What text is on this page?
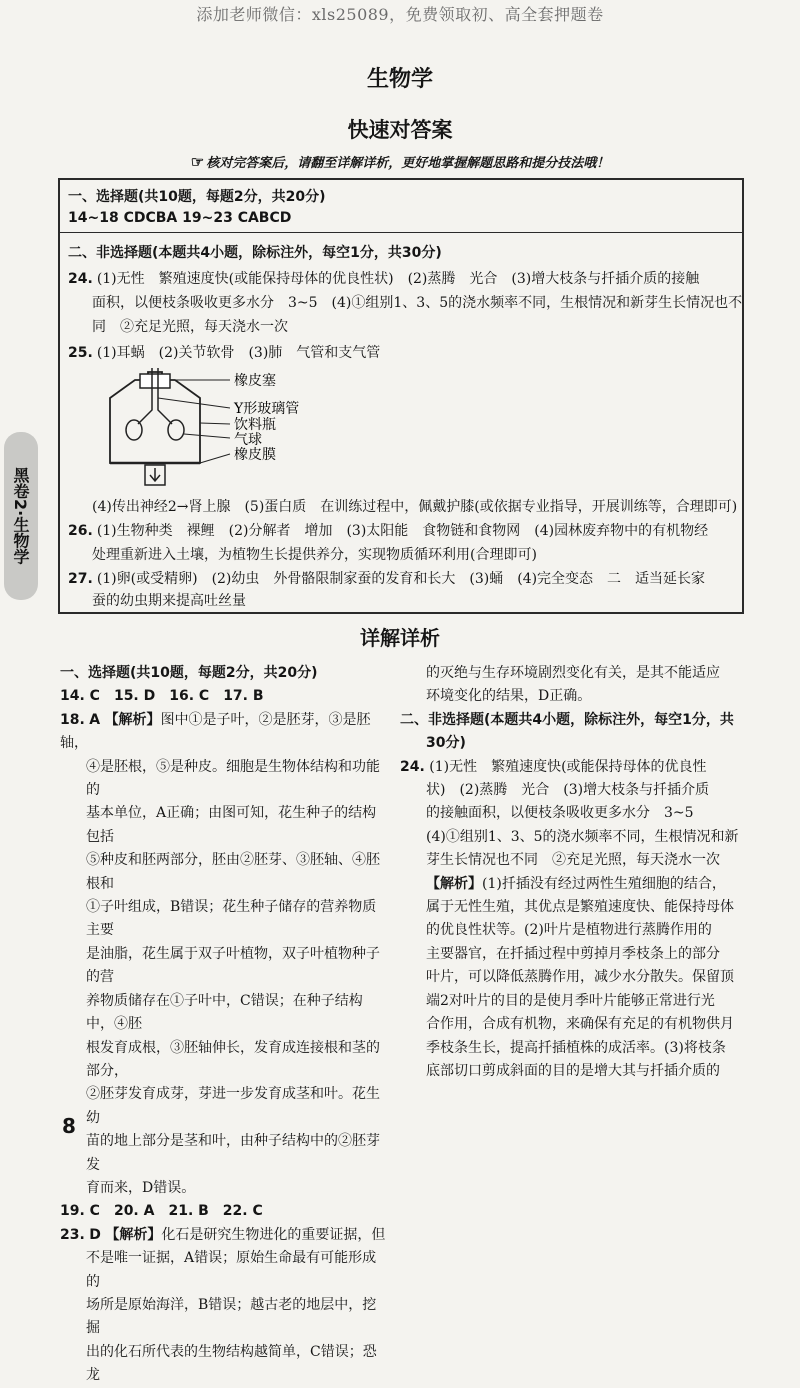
添加老师微信：xls25089，免费领取初、高全套押题卷
生物学
快速对答案
☞ 核对完答案后，请翻至详解详析，更好地掌握解题思路和提分技法哦！
一、选择题(共10题，每题2分，共20分)
14~18 CDCBA 19~23 CABCD
二、非选择题(本题共4小题，除标注外，每空1分，共30分)
24. (1)无性　繁殖速度快(或能保持母体的优良性状)　(2)蒸腾　光合　(3)增大枝条与扦插介质的接触
面积，以便枝条吸收更多水分　3~5　(4)①组别1、3、5的浇水频率不同，生根情况和新芽生长情况也不
同　②充足光照，每天浇水一次
25. (1)耳蜗　(2)关节软骨　(3)肺　气管和支气管
橡皮塞
Y形玻璃管
饮料瓶
气球
橡皮膜
(4)传出神经2→肾上腺　(5)蛋白质　在训练过程中，佩戴护膝(或依据专业指导，开展训练等，合理即可)
26. (1)生物种类　裸鲤　(2)分解者　增加　(3)太阳能　食物链和食物网　(4)园林废弃物中的有机物经
处理重新进入土壤，为植物生长提供养分，实现物质循环利用(合理即可)
27. (1)卵(或受精卵)　(2)幼虫　外骨骼限制家蚕的发育和长大　(3)蛹　(4)完全变态　二　适当延长家
蚕的幼虫期来提高吐丝量
黑卷2·生物学
详解详析

一、选择题(共10题，每题2分，共20分)

14. C　15. D　16. C　17. B

18. A 【解析】图中①是子叶，②是胚芽，③是胚轴，

④是胚根，⑤是种皮。细胞是生物体结构和功能的

基本单位，A正确；由图可知，花生种子的结构包括

⑤种皮和胚两部分，胚由②胚芽、③胚轴、④胚根和

①子叶组成，B错误；花生种子储存的营养物质主要

是油脂，花生属于双子叶植物，双子叶植物种子的营

养物质储存在①子叶中，C错误；在种子结构中，④胚

根发育成根，③胚轴伸长，发育成连接根和茎的部分，

②胚芽发育成芽，芽进一步发育成茎和叶。花生幼

苗的地上部分是茎和叶，由种子结构中的②胚芽发

育而来，D错误。

19. C　20. A　21. B　22. C

23. D 【解析】化石是研究生物进化的重要证据，但

不是唯一证据，A错误；原始生命最有可能形成的

场所是原始海洋，B错误；越古老的地层中，挖掘

出的化石所代表的生物结构越简单，C错误；恐龙

的灭绝与生存环境剧烈变化有关，是其不能适应

环境变化的结果，D正确。

二、非选择题(本题共4小题，除标注外，每空1分，共

30分)

24. (1)无性　繁殖速度快(或能保持母体的优良性

状)　(2)蒸腾　光合　(3)增大枝条与扦插介质

的接触面积，以便枝条吸收更多水分　3~5

(4)①组别1、3、5的浇水频率不同，生根情况和新

芽生长情况也不同　②充足光照，每天浇水一次

【解析】(1)扦插没有经过两性生殖细胞的结合，

属于无性生殖，其优点是繁殖速度快、能保持母体

的优良性状等。(2)叶片是植物进行蒸腾作用的

主要器官，在扦插过程中剪掉月季枝条上的部分

叶片，可以降低蒸腾作用，减少水分散失。保留顶

端2对叶片的目的是使月季叶片能够正常进行光

合作用，合成有机物，来确保有充足的有机物供月

季枝条生长，提高扦插植株的成活率。(3)将枝条

底部切口剪成斜面的目的是增大其与扦插介质的

8
